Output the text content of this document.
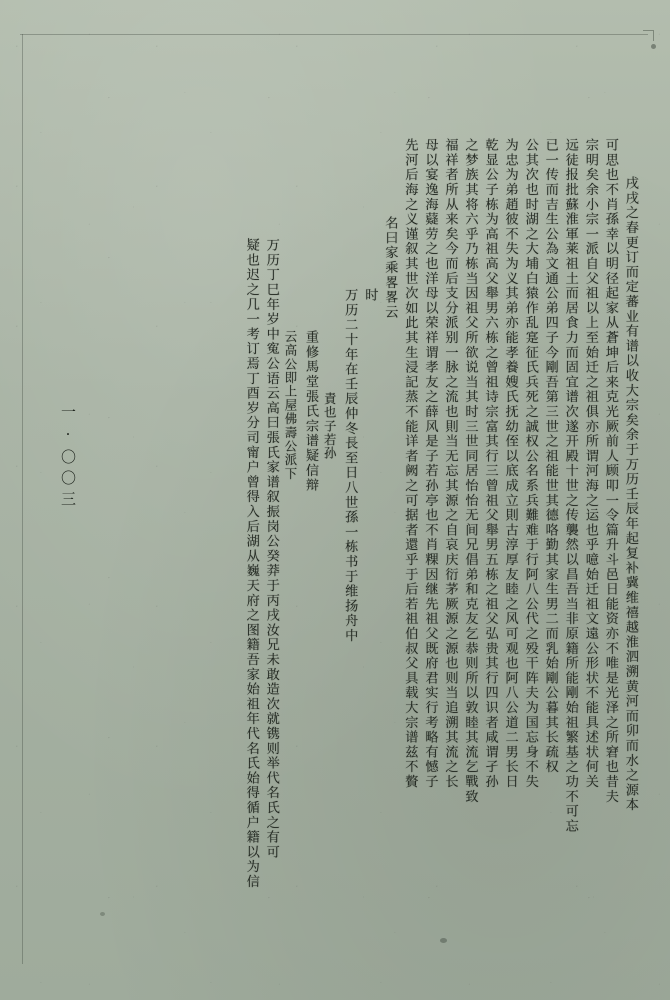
戌戌之春更订而定蕃业有谱以收大宗矣余于万历壬辰年起复补冀维禧越淮泗溯黄河而卯而水之源本
可思也不肖孫幸以明径起家从蒼坤后来克光厥前人顾叩一令篇升斗邑日能资亦不唯是光泽之所窘也昔夫
宗明矣余小宗一派自父祖以上至始迁之祖俱亦所谓河海之运也乎噫始迁祖文遠公形状不能具述状何关
远徒报批蘇淮軍莱祖土而居食力而固宜谱次遂开殿十世之传襲然以昌吾当非原籍所能剛始祖繁基之功不可忘
已一传而吉生公為文通公弟四子今剛吾第三世之祖能世其德咯勤其家生男二而乳始剛公暮其长疏权
公其次也时湖之大埔白猿作乱寔征氏兵死之誠权公名系兵難难于行阿八公代之殁干阵夫为国忘身不失
为忠为弟趙彼不失为义其弟亦能孝養嫂氏抚幼侄以底成立則古淳厚友睦之风可观也阿八公道二男长日
乾显公子栋为高祖高父舉男六栋之曾祖诗宗富其行三曾祖父舉男五栋之祖父弘贵其行四识者咸谓孑孙
之梦族其将六乎乃栋当因祖父所欲说当其时三世同居怡怡无间兄倡弟和克友乞恭则所以敦睦其流乞戰致
福祥者所从来矣今而后支分派别一脉之流也則当无忘其源之自哀庆衍茅厥源之源也则当追溯其流之长
母以宴逸海薿劳之也洋母以荣祥谓孝友之薛风是子若孙亭也不肖粿因继先祖父既府君实行考略有憾子
先河后海之义谨叙其世次如此其生浸記蒸不能详者阙之可据者還乎于后若祖伯叔父具载大宗谱兹不贅
名曰家乘畧畧云
时
万历二十年在壬辰仲冬長至日八世孫一栋书于维扬舟中
責也子若孙
重修馬堂張氏宗谱疑信辩
云高公即上屋佛壽公派下
万历丁巳年岁中寃公语云高曰張氏家谱叙振岗公癸莽于丙戌汝兄未敢造次就镌则举代名氏之有可
疑也迟之几一考订焉丁酉岁分司甯户曾得入后湖从巍天府之图籍吾家始祖年代名氏始得循户籍以为信
一·〇〇三
